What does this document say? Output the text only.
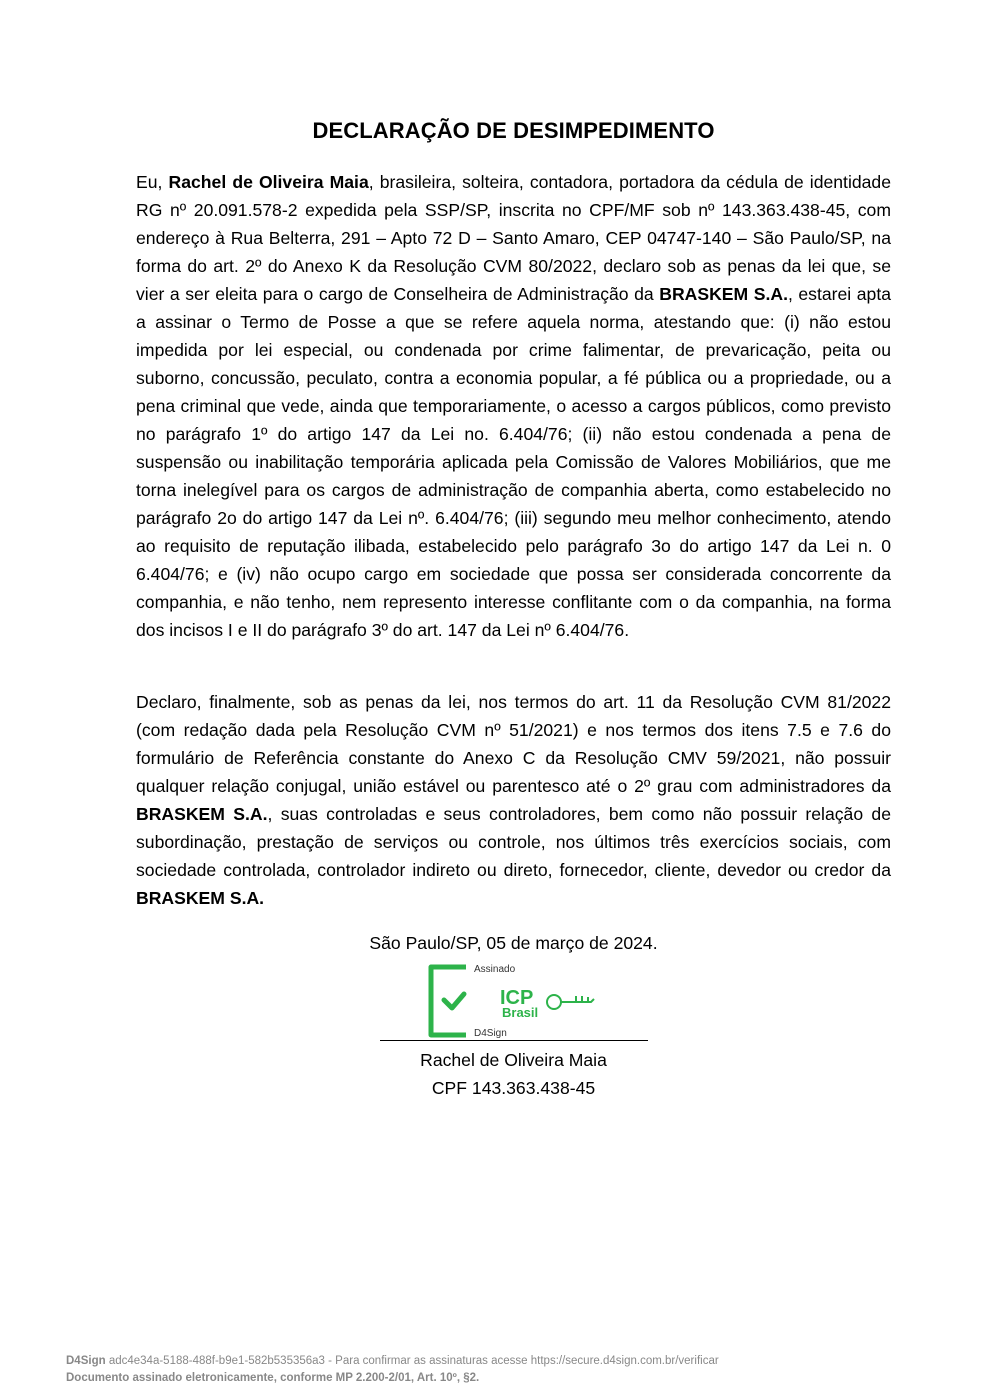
DECLARAÇÃO DE DESIMPEDIMENTO

Eu, Rachel de Oliveira Maia, brasileira, solteira, contadora, portadora da cédula de identidade RG nº 20.091.578-2 expedida pela SSP/SP, inscrita no CPF/MF sob nº 143.363.438-45, com endereço à Rua Belterra, 291 – Apto 72 D – Santo Amaro, CEP 04747-140 – São Paulo/SP, na forma do art. 2º do Anexo K da Resolução CVM 80/2022, declaro sob as penas da lei que, se vier a ser eleita para o cargo de Conselheira de Administração da BRASKEM S.A., estarei apta a assinar o Termo de Posse a que se refere aquela norma, atestando que: (i) não estou impedida por lei especial, ou condenada por crime falimentar, de prevaricação, peita ou suborno, concussão, peculato, contra a economia popular, a fé pública ou a propriedade, ou a pena criminal que vede, ainda que temporariamente, o acesso a cargos públicos, como previsto no parágrafo 1º do artigo 147 da Lei no. 6.404/76; (ii) não estou condenada a pena de suspensão ou inabilitação temporária aplicada pela Comissão de Valores Mobiliários, que me torna inelegível para os cargos de administração de companhia aberta, como estabelecido no parágrafo 2o do artigo 147 da Lei nº. 6.404/76; (iii) segundo meu melhor conhecimento, atendo ao requisito de reputação ilibada, estabelecido pelo parágrafo 3o do artigo 147 da Lei n. 0 6.404/76; e (iv) não ocupo cargo em sociedade que possa ser considerada concorrente da companhia, e não tenho, nem represento interesse conflitante com o da companhia, na forma dos incisos I e II do parágrafo 3º do art. 147 da Lei nº 6.404/76.

Declaro, finalmente, sob as penas da lei, nos termos do art. 11 da Resolução CVM 81/2022 (com redação dada pela Resolução CVM nº 51/2021) e nos termos dos itens 7.5 e 7.6 do formulário de Referência constante do Anexo C da Resolução CMV 59/2021, não possuir qualquer relação conjugal, união estável ou parentesco até o 2º grau com administradores da BRASKEM S.A., suas controladas e seus controladores, bem como não possuir relação de subordinação, prestação de serviços ou controle, nos últimos três exercícios sociais, com sociedade controlada, controlador indireto ou direto, fornecedor, cliente, devedor ou credor da BRASKEM S.A.

São Paulo/SP, 05 de março de 2024.
Assinado
D4Sign
ICP
Brasil
Rachel de Oliveira Maia
CPF 143.363.438-45
D4Sign adc4e34a-5188-488f-b9e1-582b535356a3 - Para confirmar as assinaturas acesse https://secure.d4sign.com.br/verificar
Documento assinado eletronicamente, conforme MP 2.200-2/01, Art. 10º, §2.
